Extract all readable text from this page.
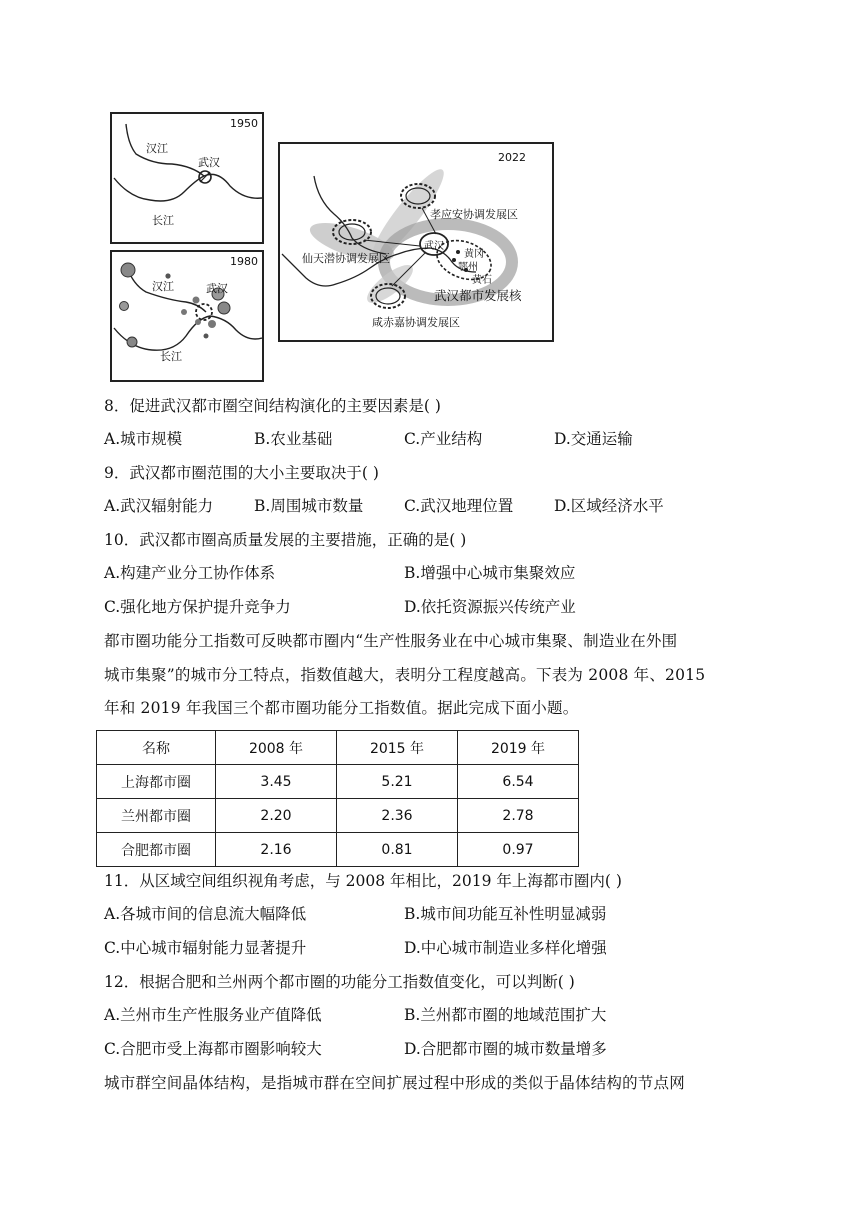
1950
汉江
武汉
长江
1980
汉江	武汉
长江
2022
孝应安协调发展区
仙天潜协调发展区
武汉
黄冈
鄂州
黄石
武汉都市发展核
咸赤嘉协调发展区
8．促进武汉都市圈空间结构演化的主要因素是( )
A.城市规模	B.农业基础	C.产业结构	D.交通运输
9．武汉都市圈范围的大小主要取决于( )
A.武汉辐射能力	B.周围城市数量	C.武汉地理位置	D.区域经济水平
10．武汉都市圈高质量发展的主要措施，正确的是( )
A.构建产业分工协作体系	B.增强中心城市集聚效应
C.强化地方保护提升竞争力	D.依托资源振兴传统产业
都市圈功能分工指数可反映都市圈内“生产性服务业在中心城市集聚、制造业在外围
城市集聚”的城市分工特点，指数值越大，表明分工程度越高。下表为 2008 年、2015
年和 2019 年我国三个都市圈功能分工指数值。据此完成下面小题。
名称	2008 年	2015 年	2019 年
上海都市圈	3.45	5.21	6.54
兰州都市圈	2.20	2.36	2.78
合肥都市圈	2.16	0.81	0.97
11．从区域空间组织视角考虑，与 2008 年相比，2019 年上海都市圈内( )
A.各城市间的信息流大幅降低	B.城市间功能互补性明显减弱
C.中心城市辐射能力显著提升	D.中心城市制造业多样化增强
12．根据合肥和兰州两个都市圈的功能分工指数值变化，可以判断( )
A.兰州市生产性服务业产值降低	B.兰州都市圈的地域范围扩大
C.合肥市受上海都市圈影响较大	D.合肥都市圈的城市数量增多
城市群空间晶体结构，是指城市群在空间扩展过程中形成的类似于晶体结构的节点网
